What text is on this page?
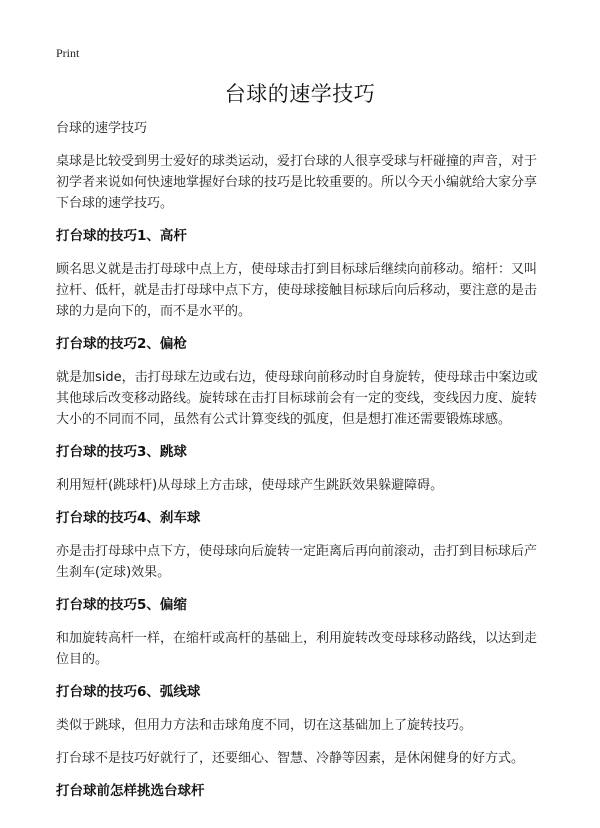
Print
台球的速学技巧

台球的速学技巧

桌球是比较受到男士爱好的球类运动，爱打台球的人很享受球与杆碰撞的声音，对于初学者来说如何快速地掌握好台球的技巧是比较重要的。所以今天小编就给大家分享下台球的速学技巧。

打台球的技巧1、高杆

顾名思义就是击打母球中点上方，使母球击打到目标球后继续向前移动。缩杆：又叫拉杆、低杆，就是击打母球中点下方，使母球接触目标球后向后移动，要注意的是击球的力是向下的，而不是水平的。

打台球的技巧2、偏枪

就是加side，击打母球左边或右边，使母球向前移动时自身旋转，使母球击中案边或其他球后改变移动路线。旋转球在击打目标球前会有一定的变线，变线因力度、旋转大小的不同而不同，虽然有公式计算变线的弧度，但是想打准还需要锻炼球感。

打台球的技巧3、跳球

利用短杆(跳球杆)从母球上方击球，使母球产生跳跃效果躲避障碍。

打台球的技巧4、刹车球

亦是击打母球中点下方，使母球向后旋转一定距离后再向前滚动，击打到目标球后产生刹车(定球)效果。

打台球的技巧5、偏缩

和加旋转高杆一样，在缩杆或高杆的基础上，利用旋转改变母球移动路线，以达到走位目的。

打台球的技巧6、弧线球

类似于跳球，但用力方法和击球角度不同，切在这基础加上了旋转技巧。

打台球不是技巧好就行了，还要细心、智慧、冷静等因素，是休闲健身的好方式。

打台球前怎样挑选台球杆
